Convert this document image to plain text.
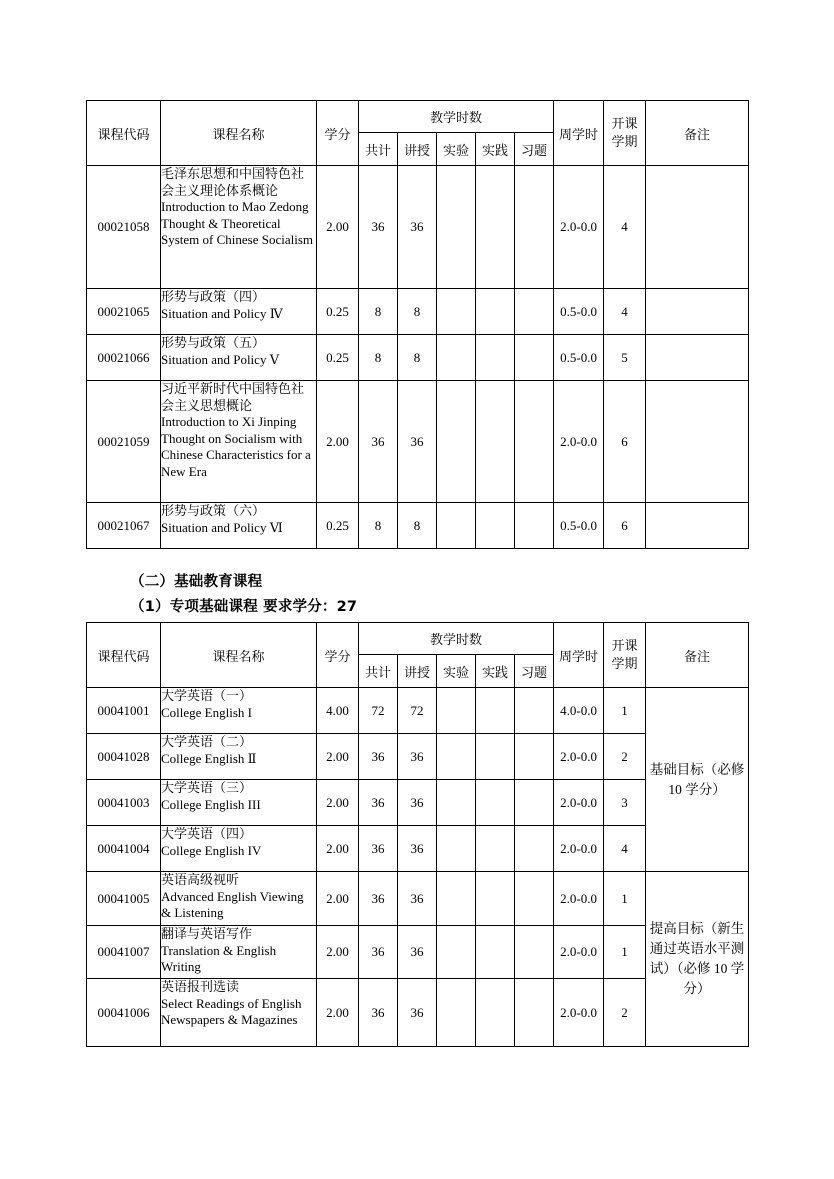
课程代码	课程名称	学分	教学时数					周学时	开课
学期	备注
			共计	讲授	实验	实践	习题			
00021058	毛泽东思想和中国特色社会主义理论体系概论
Introduction to Mao Zedong Thought & Theoretical System of Chinese Socialism	2.00	36	36				2.0-0.0	4	
00021065	形势与政策（四）
Situation and Policy Ⅳ	0.25	8	8				0.5-0.0	4	
00021066	形势与政策（五）
Situation and Policy Ⅴ	0.25	8	8				0.5-0.0	5	
00021059	习近平新时代中国特色社会主义思想概论
Introduction to Xi Jinping Thought on Socialism with Chinese Characteristics for a New Era	2.00	36	36				2.0-0.0	6	
00021067	形势与政策（六）
Situation and Policy Ⅵ	0.25	8	8				0.5-0.0	6	
（二）基础教育课程
（1）专项基础课程 要求学分：27
课程代码	课程名称	学分	教学时数					周学时	开课
学期	备注
			共计	讲授	实验	实践	习题			
00041001	大学英语（一）
College English I	4.00	72	72				4.0-0.0	1	基础目标（必修 10 学分）
00041028	大学英语（二）
College English Ⅱ	2.00	36	36				2.0-0.0	2	
00041003	大学英语（三）
College English III	2.00	36	36				2.0-0.0	3	
00041004	大学英语（四）
College English IV	2.00	36	36				2.0-0.0	4	
00041005	英语高级视听
Advanced English Viewing & Listening	2.00	36	36				2.0-0.0	1	提高目标（新生通过英语水平测试）（必修 10 学分）
00041007	翻译与英语写作
Translation & English Writing	2.00	36	36				2.0-0.0	1	
00041006	英语报刊选读
Select Readings of English Newspapers & Magazines	2.00	36	36				2.0-0.0	2	
